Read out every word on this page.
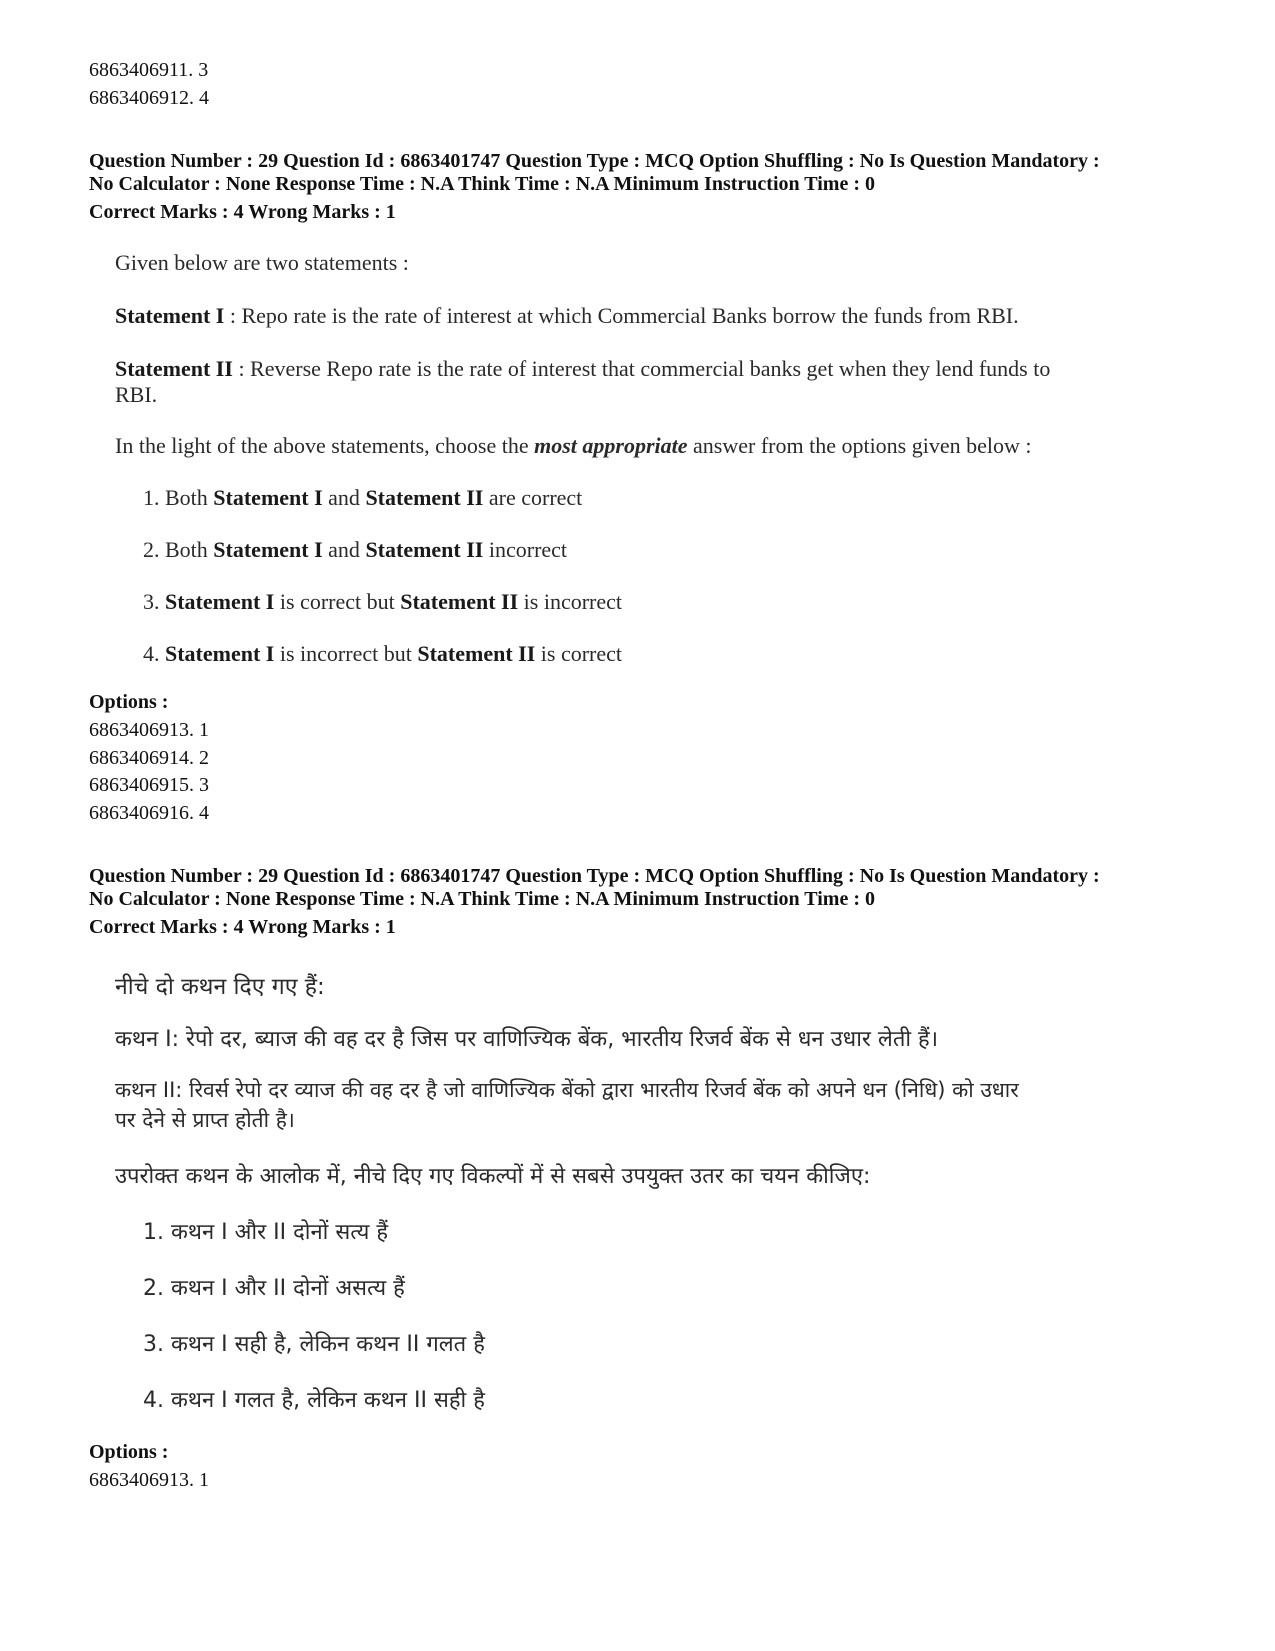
6863406911. 3
6863406912. 4
Question Number : 29 Question Id : 6863401747 Question Type : MCQ Option Shuffling : No Is Question Mandatory :
No Calculator : None Response Time : N.A Think Time : N.A Minimum Instruction Time : 0
Correct Marks : 4 Wrong Marks : 1
Given below are two statements :
Statement I : Repo rate is the rate of interest at which Commercial Banks borrow the funds from RBI.
Statement II : Reverse Repo rate is the rate of interest that commercial banks get when they lend funds to
RBI.
In the light of the above statements, choose the most appropriate answer from the options given below :
1. Both Statement I and Statement II are correct
2. Both Statement I and Statement II incorrect
3. Statement I is correct but Statement II is incorrect
4. Statement I is incorrect but Statement II is correct
Options :
6863406913. 1
6863406914. 2
6863406915. 3
6863406916. 4
Question Number : 29 Question Id : 6863401747 Question Type : MCQ Option Shuffling : No Is Question Mandatory :
No Calculator : None Response Time : N.A Think Time : N.A Minimum Instruction Time : 0
Correct Marks : 4 Wrong Marks : 1
नीचे दो कथन दिए गए हैं:
कथन I: रेपो दर, ब्याज की वह दर है जिस पर वाणिज्यिक बेंक, भारतीय रिजर्व बेंक से धन उधार लेती हैं।
कथन II: रिवर्स रेपो दर व्याज की वह दर है जो वाणिज्यिक बेंको द्वारा भारतीय रिजर्व बेंक को अपने धन (निधि) को उधार
पर देने से प्राप्त होती है।
उपरोक्त कथन के आलोक में, नीचे दिए गए विकल्पों में से सबसे उपयुक्त उतर का चयन कीजिए:
1. कथन I और II दोनों सत्य हैं
2. कथन I और II दोनों असत्य हैं
3. कथन I सही है, लेकिन कथन II गलत है
4. कथन I गलत है, लेकिन कथन II सही है
Options :
6863406913. 1
